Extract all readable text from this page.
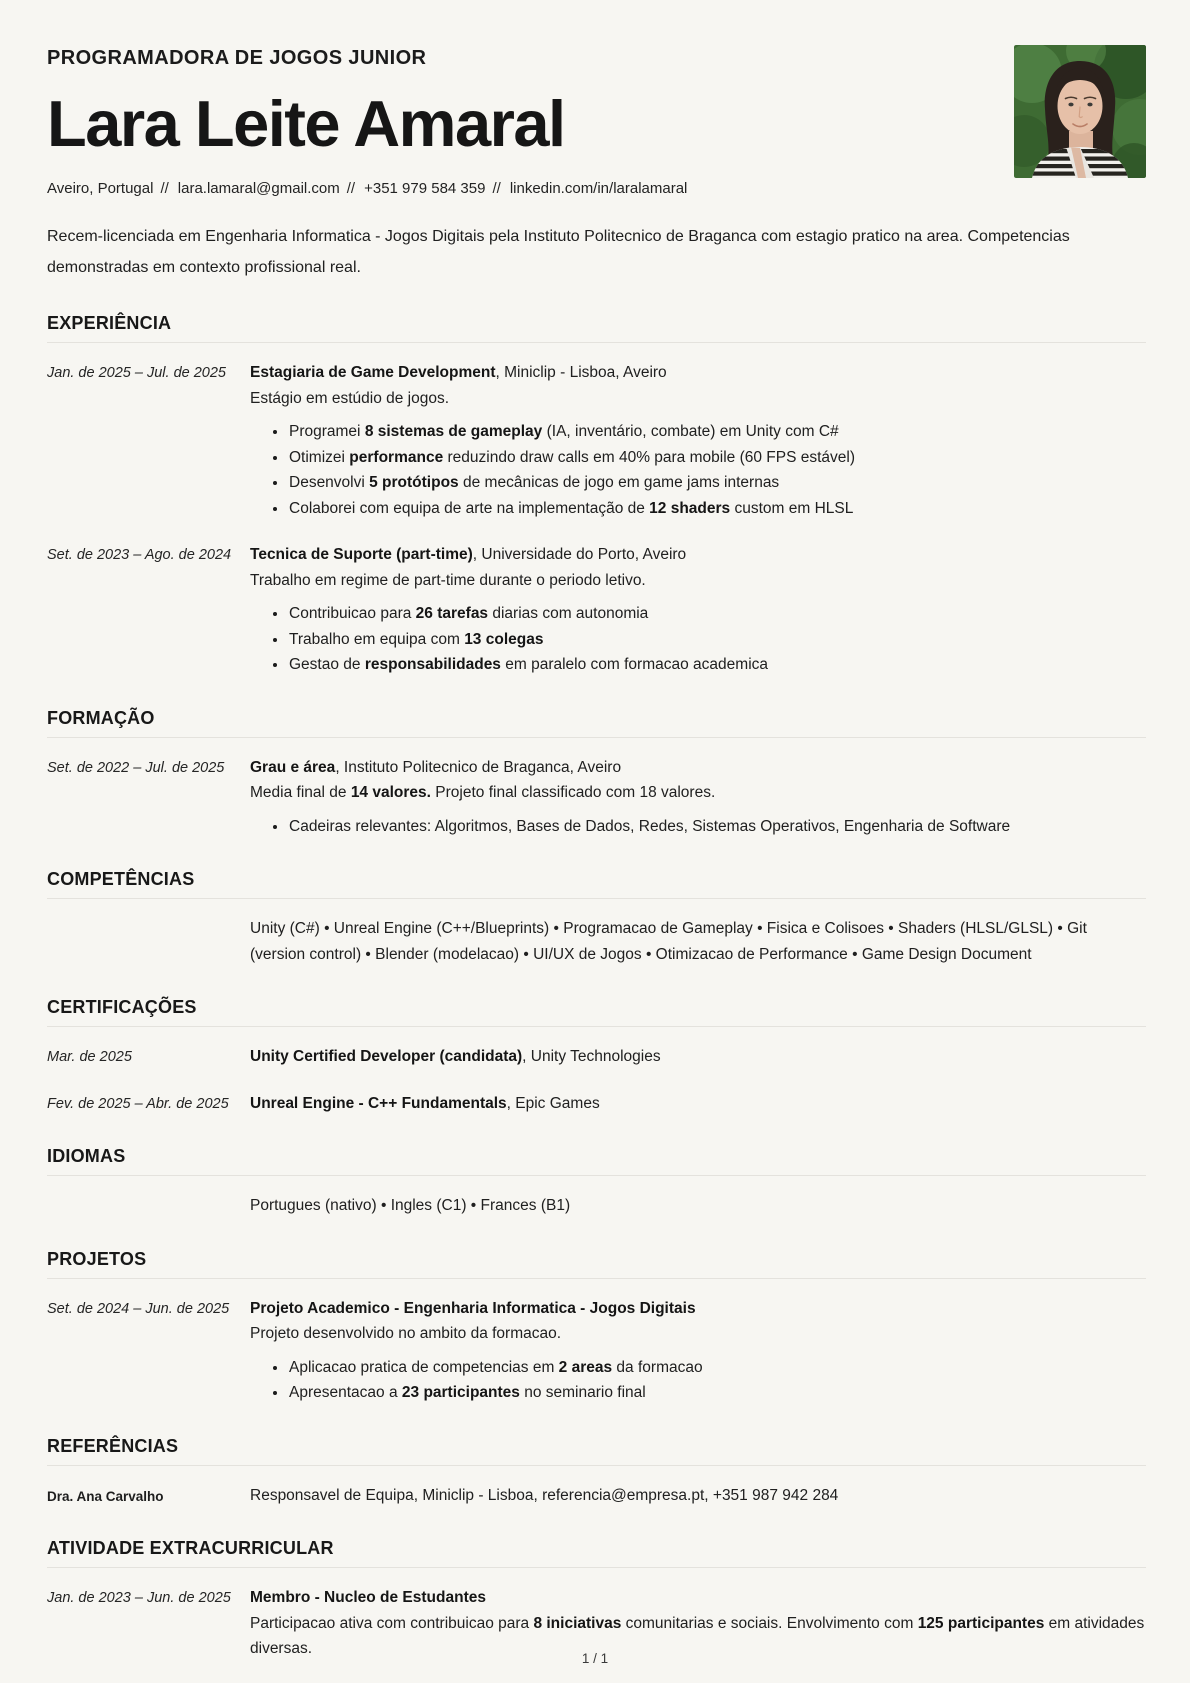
PROGRAMADORA DE JOGOS JUNIOR
Lara Leite Amaral
Aveiro, Portugal // lara.lamaral@gmail.com // +351 979 584 359 // linkedin.com/in/laralamaral

Recem-licenciada em Engenharia Informatica - Jogos Digitais pela Instituto Politecnico de Braganca com estagio pratico na area. Competencias demonstradas em contexto profissional real.

EXPERIÊNCIA
Jan. de 2025 – Jul. de 2025	Estagiaria de Game Development, Miniclip - Lisboa, Aveiro
Estágio em estúdio de jogos.
• Programei 8 sistemas de gameplay (IA, inventário, combate) em Unity com C#
• Otimizei performance reduzindo draw calls em 40% para mobile (60 FPS estável)
• Desenvolvi 5 protótipos de mecânicas de jogo em game jams internas
• Colaborei com equipa de arte na implementação de 12 shaders custom em HLSL
Set. de 2023 – Ago. de 2024	Tecnica de Suporte (part-time), Universidade do Porto, Aveiro
Trabalho em regime de part-time durante o periodo letivo.
• Contribuicao para 26 tarefas diarias com autonomia
• Trabalho em equipa com 13 colegas
• Gestao de responsabilidades em paralelo com formacao academica
FORMAÇÃO
Set. de 2022 – Jul. de 2025	Grau e área, Instituto Politecnico de Braganca, Aveiro
Media final de 14 valores. Projeto final classificado com 18 valores.
• Cadeiras relevantes: Algoritmos, Bases de Dados, Redes, Sistemas Operativos, Engenharia de Software
COMPETÊNCIAS
Unity (C#) • Unreal Engine (C++/Blueprints) • Programacao de Gameplay • Fisica e Colisoes • Shaders (HLSL/GLSL) • Git (version control) • Blender (modelacao) • UI/UX de Jogos • Otimizacao de Performance • Game Design Document
CERTIFICAÇÕES
Mar. de 2025	Unity Certified Developer (candidata), Unity Technologies
Fev. de 2025 – Abr. de 2025	Unreal Engine - C++ Fundamentals, Epic Games
IDIOMAS
Portugues (nativo) • Ingles (C1) • Frances (B1)
PROJETOS
Set. de 2024 – Jun. de 2025	Projeto Academico - Engenharia Informatica - Jogos Digitais
Projeto desenvolvido no ambito da formacao.
• Aplicacao pratica de competencias em 2 areas da formacao
• Apresentacao a 23 participantes no seminario final
REFERÊNCIAS
Dra. Ana Carvalho	Responsavel de Equipa, Miniclip - Lisboa, referencia@empresa.pt, +351 987 942 284
ATIVIDADE EXTRACURRICULAR
Jan. de 2023 – Jun. de 2025	Membro - Nucleo de Estudantes
Participacao ativa com contribuicao para 8 iniciativas comunitarias e sociais. Envolvimento com 125 participantes em atividades diversas.
1 / 1
